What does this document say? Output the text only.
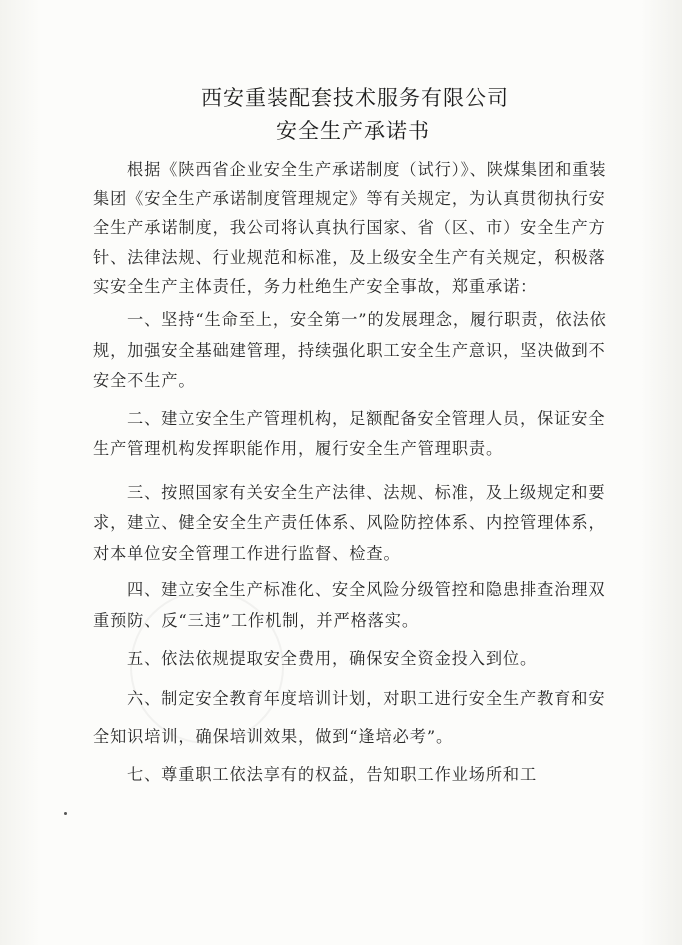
西安重装配套技术服务有限公司
安全生产承诺书

根据《陕西省企业安全生产承诺制度（试行）》、陕煤集团和重装集团《安全生产承诺制度管理规定》等有关规定，为认真贯彻执行安全生产承诺制度，我公司将认真执行国家、省（区、市）安全生产方针、法律法规、行业规范和标准，及上级安全生产有关规定，积极落实安全生产主体责任，务力杜绝生产安全事故，郑重承诺：

一、坚持“生命至上，安全第一”的发展理念，履行职责，依法依规，加强安全基础建管理，持续强化职工安全生产意识，坚决做到不安全不生产。

二、建立安全生产管理机构，足额配备安全管理人员，保证安全生产管理机构发挥职能作用，履行安全生产管理职责。

三、按照国家有关安全生产法律、法规、标准，及上级规定和要求，建立、健全安全生产责任体系、风险防控体系、内控管理体系，对本单位安全管理工作进行监督、检查。

四、建立安全生产标准化、安全风险分级管控和隐患排查治理双重预防、反“三违”工作机制，并严格落实。

五、依法依规提取安全费用，确保安全资金投入到位。

六、制定安全教育年度培训计划，对职工进行安全生产教育和安全知识培训，确保培训效果，做到“逢培必考”。

七、尊重职工依法享有的权益，告知职工作业场所和工
